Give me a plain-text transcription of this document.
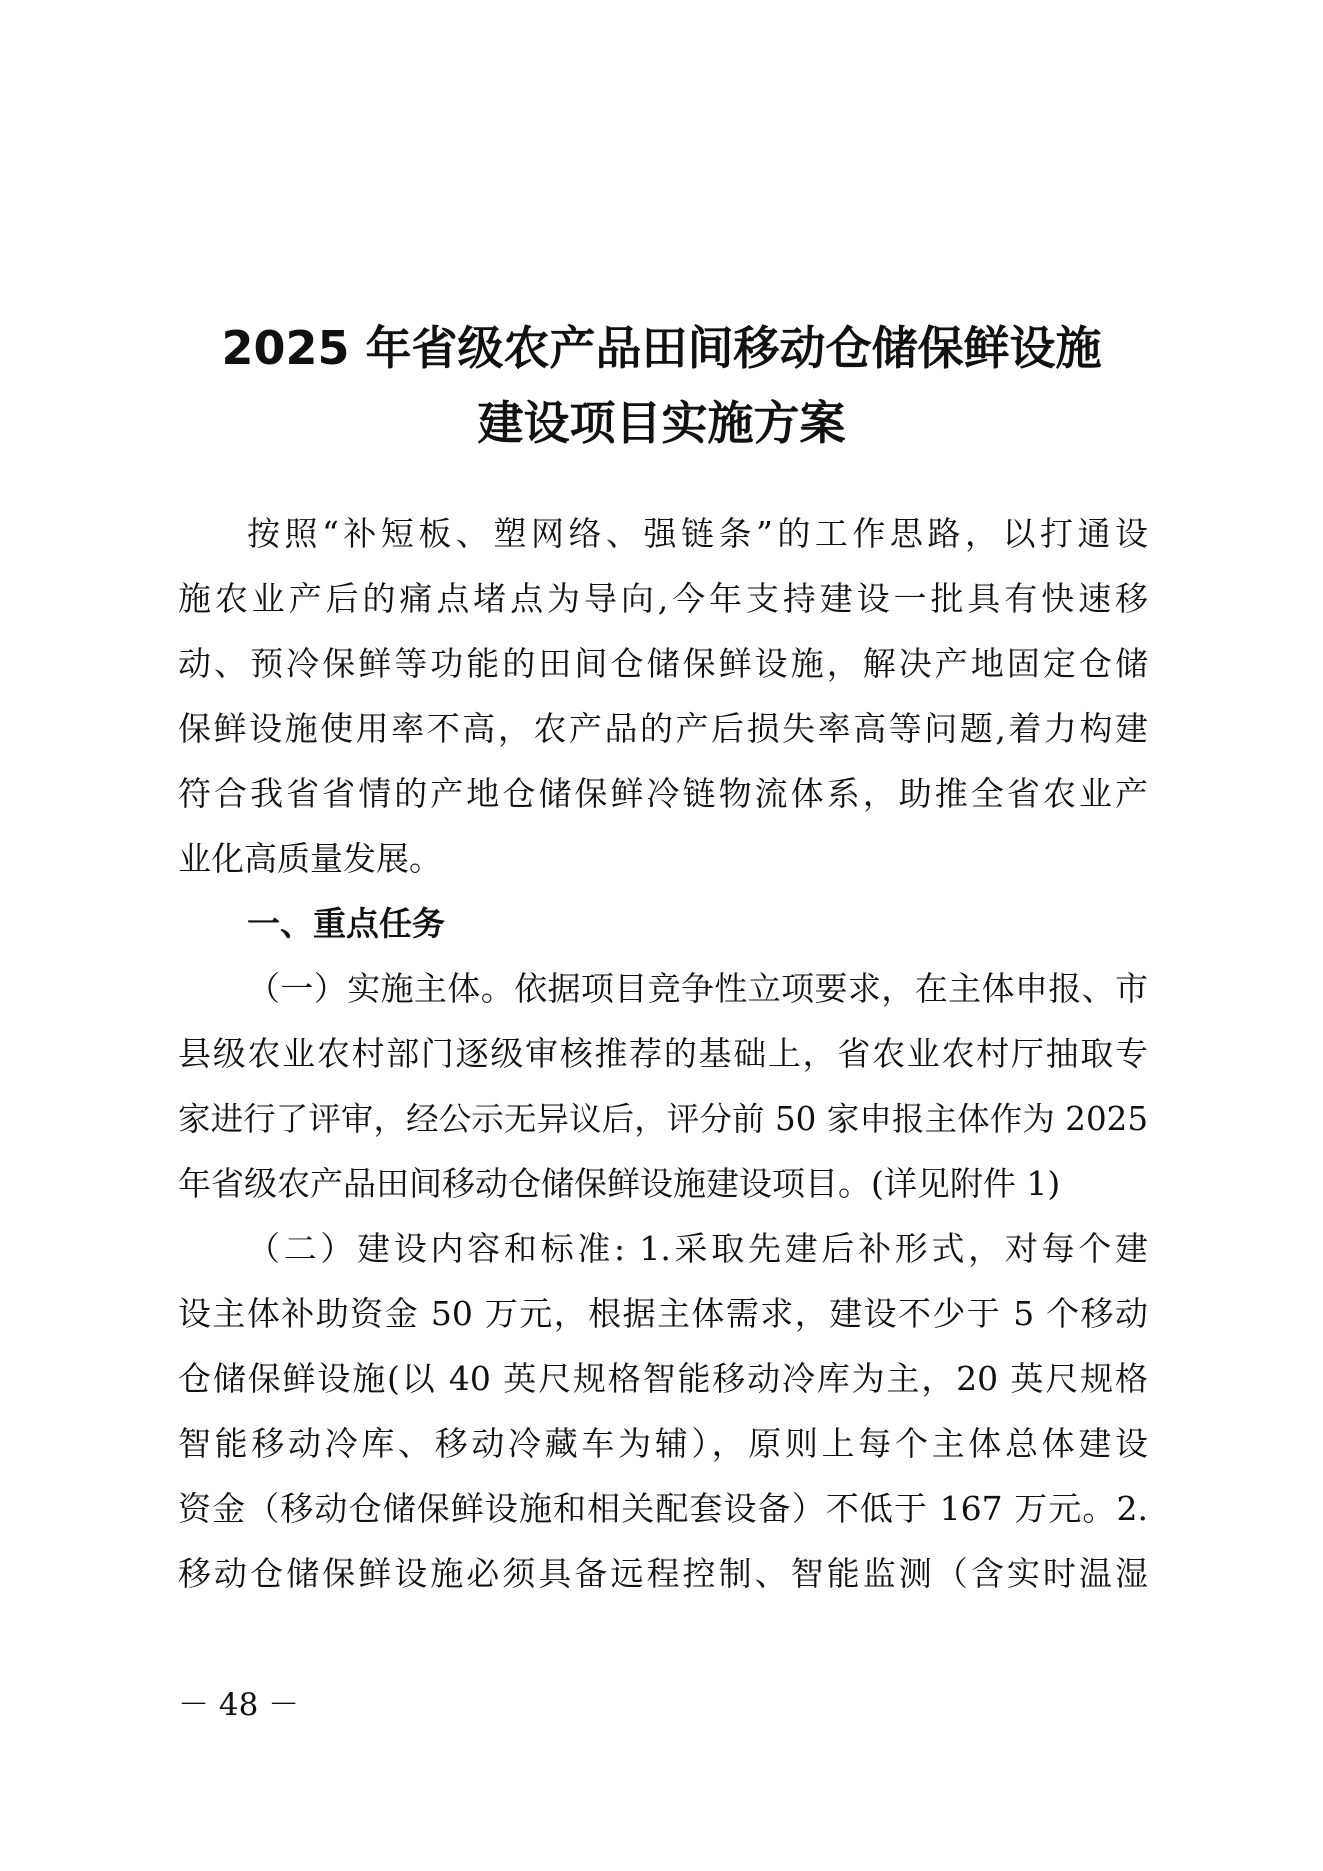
2025 年省级农产品田间移动仓储保鲜设施
建设项目实施方案
按照“补短板、塑网络、强链条”的工作思路，以打通设
施农业产后的痛点堵点为导向,今年支持建设一批具有快速移
动、预冷保鲜等功能的田间仓储保鲜设施，解决产地固定仓储
保鲜设施使用率不高，农产品的产后损失率高等问题,着力构建
符合我省省情的产地仓储保鲜冷链物流体系，助推全省农业产
业化高质量发展。
一、重点任务
（一）实施主体。依据项目竞争性立项要求，在主体申报、市
县级农业农村部门逐级审核推荐的基础上，省农业农村厅抽取专
家进行了评审，经公示无异议后，评分前 50 家申报主体作为 2025
年省级农产品田间移动仓储保鲜设施建设项目。(详见附件 1)
（二）建设内容和标准: 1.采取先建后补形式，对每个建
设主体补助资金 50 万元，根据主体需求，建设不少于 5 个移动
仓储保鲜设施(以 40 英尺规格智能移动冷库为主，20 英尺规格
智能移动冷库、移动冷藏车为辅），原则上每个主体总体建设
资金（移动仓储保鲜设施和相关配套设备）不低于 167 万元。2.
移动仓储保鲜设施必须具备远程控制、智能监测（含实时温湿
－ 48 －
